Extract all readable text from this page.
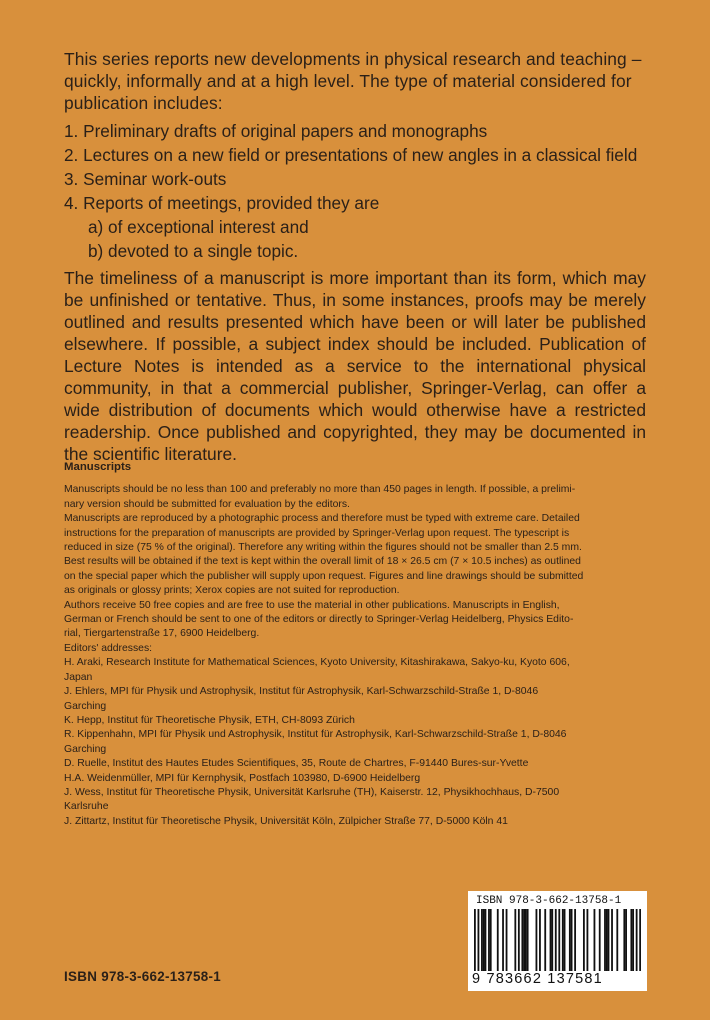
This series reports new developments in physical research and teaching – quickly, informally and at a high level. The type of material considered for publication includes:

1. Preliminary drafts of original papers and monographs
2. Lectures on a new field or presentations of new angles in a classical field
3. Seminar work-outs
4. Reports of meetings, provided they are
a) of exceptional interest and
b) devoted to a single topic.
The timeliness of a manuscript is more important than its form, which may be unfinished or tentative. Thus, in some instances, proofs may be merely outlined and results presented which have been or will later be published elsewhere. If possible, a subject index should be included. Publication of Lecture Notes is intended as a service to the international physical community, in that a commercial publisher, Springer-Verlag, can offer a wide distribution of documents which would otherwise have a restricted readership. Once published and copyrighted, they may be documented in the scientific literature.
Manuscripts
Manuscripts should be no less than 100 and preferably no more than 450 pages in length. If possible, a prelimi-
nary version should be submitted for evaluation by the editors.
Manuscripts are reproduced by a photographic process and therefore must be typed with extreme care. Detailed
instructions for the preparation of manuscripts are provided by Springer-Verlag upon request. The typescript is
reduced in size (75 % of the original). Therefore any writing within the figures should not be smaller than 2.5 mm.
Best results will be obtained if the text is kept within the overall limit of 18 × 26.5 cm (7 × 10.5 inches) as outlined
on the special paper which the publisher will supply upon request. Figures and line drawings should be submitted
as originals or glossy prints; Xerox copies are not suited for reproduction.
Authors receive 50 free copies and are free to use the material in other publications. Manuscripts in English,
German or French should be sent to one of the editors or directly to Springer-Verlag Heidelberg, Physics Edito-
rial, Tiergartenstraße 17, 6900 Heidelberg.
Editors' addresses:
H. Araki, Research Institute for Mathematical Sciences, Kyoto University, Kitashirakawa, Sakyo-ku, Kyoto 606,
Japan
J. Ehlers, MPI für Physik und Astrophysik, Institut für Astrophysik, Karl-Schwarzschild-Straße 1, D-8046
Garching
K. Hepp, Institut für Theoretische Physik, ETH, CH-8093 Zürich
R. Kippenhahn, MPI für Physik und Astrophysik, Institut für Astrophysik, Karl-Schwarzschild-Straße 1, D-8046
Garching
D. Ruelle, Institut des Hautes Etudes Scientifiques, 35, Route de Chartres, F-91440 Bures-sur-Yvette
H.A. Weidenmüller, MPI für Kernphysik, Postfach 103980, D-6900 Heidelberg
J. Wess, Institut für Theoretische Physik, Universität Karlsruhe (TH), Kaiserstr. 12, Physikhochhaus, D-7500
Karlsruhe
J. Zittartz, Institut für Theoretische Physik, Universität Köln, Zülpicher Straße 77, D-5000 Köln 41
ISBN 978-3-662-13758-1
ISBN 978-3-662-13758-1
9 783662 137581
